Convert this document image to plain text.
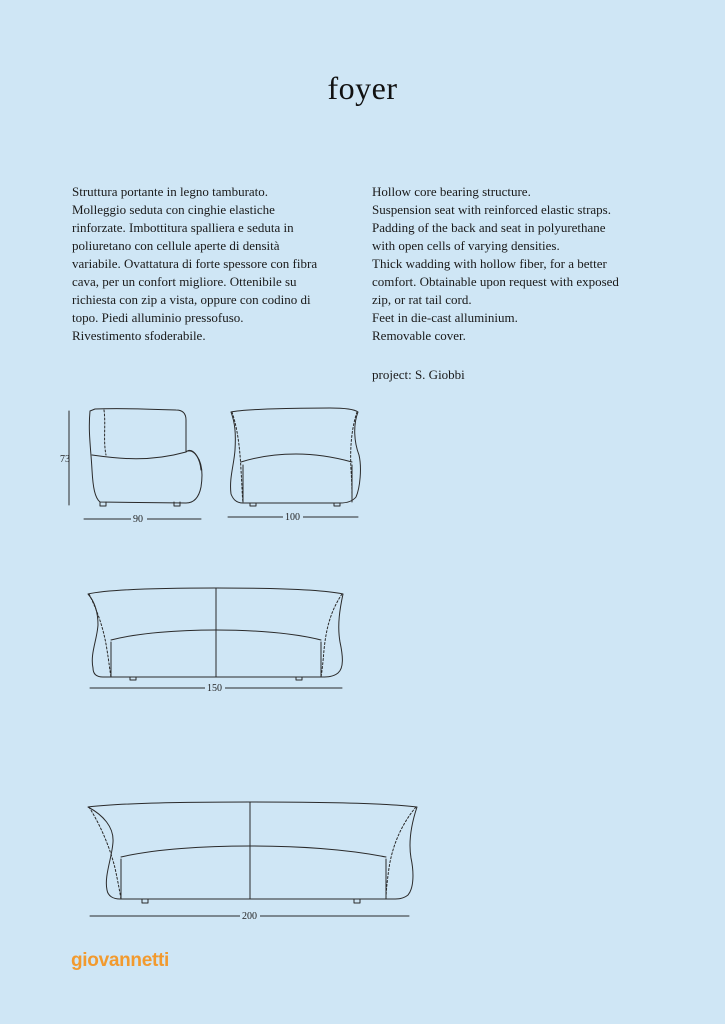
foyer
Struttura portante in legno tamburato.
Molleggio seduta con cinghie elastiche
rinforzate. Imbottitura spalliera e seduta in
poliuretano con cellule aperte di densità
variabile. Ovattatura di forte spessore con fibra
cava, per un confort migliore. Ottenibile su
richiesta con zip a vista, oppure con codino di
topo. Piedi alluminio pressofuso.
Rivestimento sfoderabile.
Hollow core bearing structure.
Suspension seat with reinforced elastic straps.
Padding of the back and seat in polyurethane
with open cells of varying densities.
Thick wadding with hollow fiber, for a better
comfort. Obtainable upon request with exposed
zip, or rat tail cord.
Feet in die-cast alluminium.
Removable cover.
project: S. Giobbi
73
90	100
150
200
giovannetti
